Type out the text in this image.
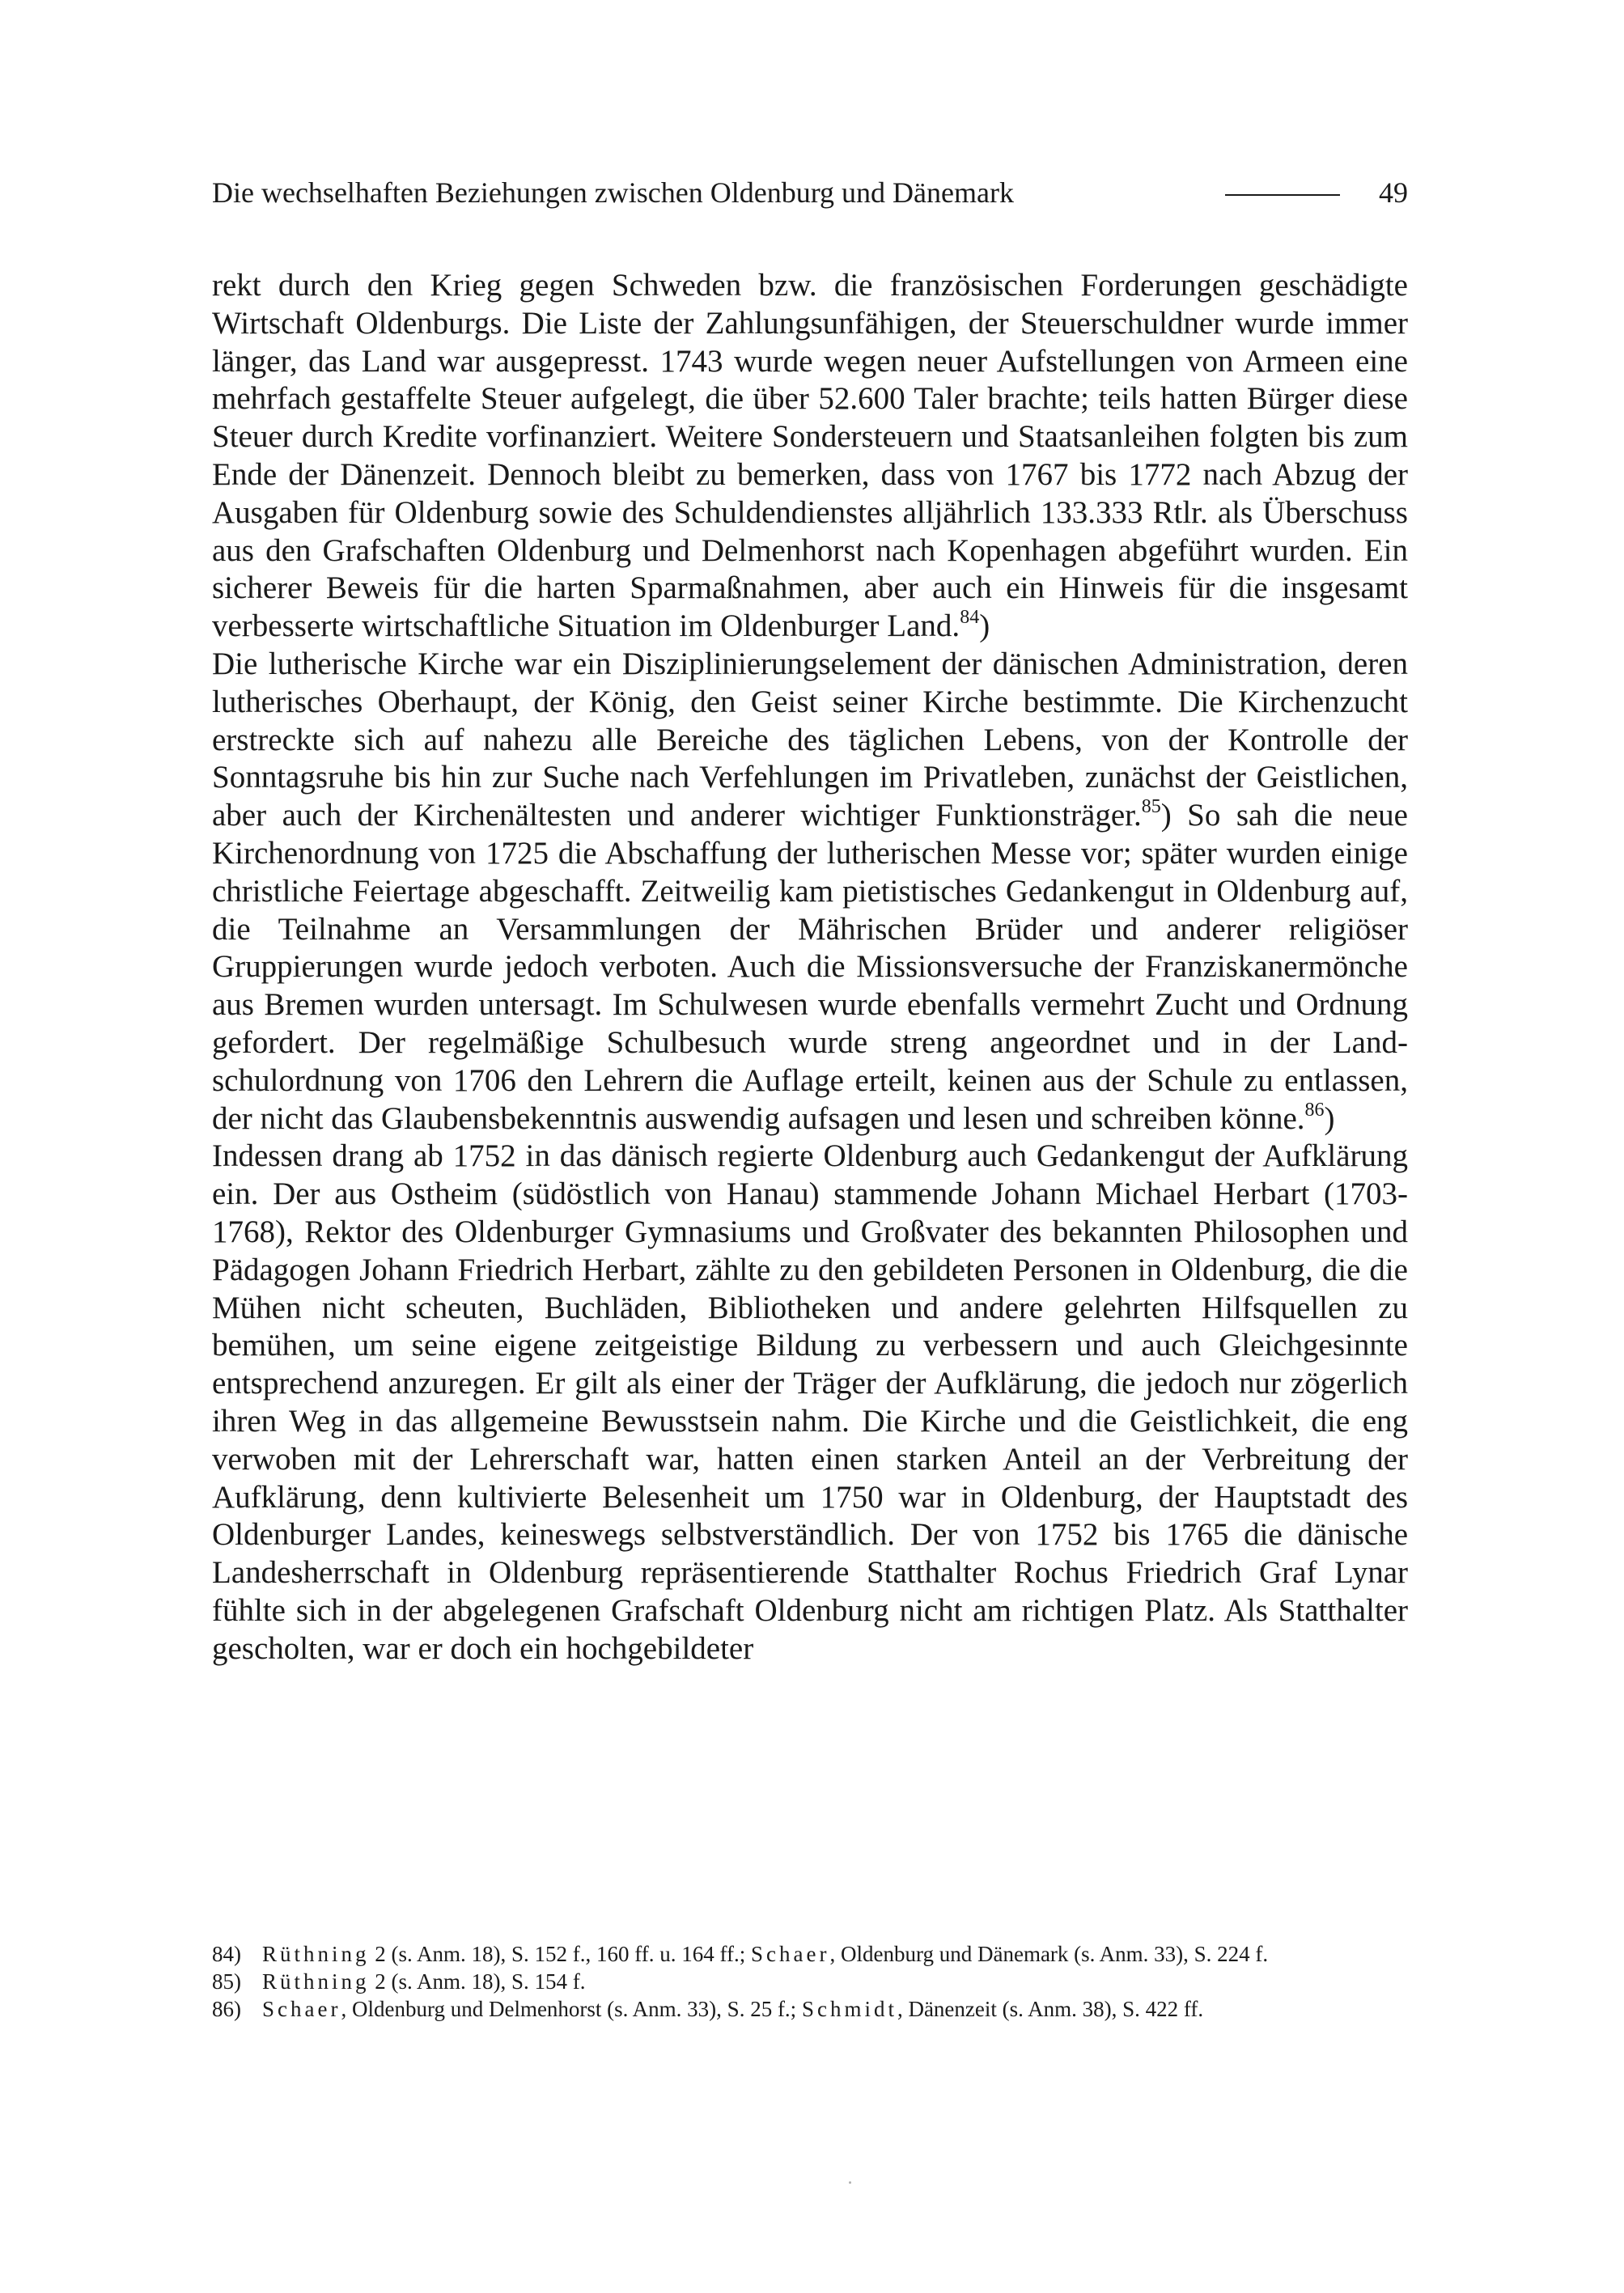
Die wechselhaften Beziehungen zwischen Oldenburg und Dänemark	49

rekt durch den Krieg gegen Schweden bzw. die französischen Forderungen geschädigte Wirtschaft Oldenburgs. Die Liste der Zahlungsunfähigen, der Steuerschuldner wurde immer länger, das Land war ausgepresst. 1743 wurde wegen neuer Aufstellungen von Armeen eine mehrfach gestaffelte Steuer aufgelegt, die über 52.600 Taler brachte; teils hatten Bürger diese Steuer durch Kredite vorfinanziert. Weitere Sondersteuern und Staatsanleihen folgten bis zum Ende der Dänenzeit. Dennoch bleibt zu bemerken, dass von 1767 bis 1772 nach Abzug der Ausgaben für Oldenburg sowie des Schuldendienstes alljährlich 133.333 Rtlr. als Überschuss aus den Grafschaften Oldenburg und Delmenhorst nach Kopenhagen abgeführt wurden. Ein sicherer Beweis für die harten Sparmaßnahmen, aber auch ein Hinweis für die insgesamt verbesserte wirtschaftliche Situation im Oldenburger Land.$^{84}$)

Die lutherische Kirche war ein Disziplinierungselement der dänischen Administration, deren lutherisches Oberhaupt, der König, den Geist seiner Kirche bestimmte. Die Kirchenzucht erstreckte sich auf nahezu alle Bereiche des täglichen Lebens, von der Kontrolle der Sonntagsruhe bis hin zur Suche nach Verfehlungen im Privatleben, zunächst der Geistlichen, aber auch der Kirchenältesten und anderer wichtiger Funktionsträger.$^{85}$) So sah die neue Kirchenordnung von 1725 die Abschaffung der lutherischen Messe vor; später wurden einige christliche Feiertage abgeschafft. Zeitweilig kam pietistisches Gedankengut in Oldenburg auf, die Teilnahme an Versammlungen der Mährischen Brüder und anderer religiöser Gruppierungen wurde jedoch verboten. Auch die Missionsversuche der Franziskanermönche aus Bremen wurden untersagt. Im Schulwesen wurde ebenfalls vermehrt Zucht und Ordnung gefordert. Der regelmäßige Schulbesuch wurde streng angeordnet und in der Landschulordnung von 1706 den Lehrern die Auflage erteilt, keinen aus der Schule zu entlassen, der nicht das Glaubensbekenntnis auswendig aufsagen und lesen und schreiben könne.$^{86}$)

Indessen drang ab 1752 in das dänisch regierte Oldenburg auch Gedankengut der Aufklärung ein. Der aus Ostheim (südöstlich von Hanau) stammende Johann Michael Herbart (1703-1768), Rektor des Oldenburger Gymnasiums und Großvater des bekannten Philosophen und Pädagogen Johann Friedrich Herbart, zählte zu den gebildeten Personen in Oldenburg, die die Mühen nicht scheuten, Buchläden, Bibliotheken und andere gelehrten Hilfsquellen zu bemühen, um seine eigene zeitgeistige Bildung zu verbessern und auch Gleichgesinnte entsprechend anzuregen. Er gilt als einer der Träger der Aufklärung, die jedoch nur zögerlich ihren Weg in das allgemeine Bewusstsein nahm. Die Kirche und die Geistlichkeit, die eng verwoben mit der Lehrerschaft war, hatten einen starken Anteil an der Verbreitung der Aufklärung, denn kultivierte Belesenheit um 1750 war in Oldenburg, der Hauptstadt des Oldenburger Landes, keineswegs selbstverständlich. Der von 1752 bis 1765 die dänische Landesherrschaft in Oldenburg repräsentierende Statthalter Rochus Friedrich Graf Lynar fühlte sich in der abgelegenen Grafschaft Oldenburg nicht am richtigen Platz. Als Statthalter gescholten, war er doch ein hochgebildeter

84) Rüthning 2 (s. Anm. 18), S. 152 f., 160 ff. u. 164 ff.; Schaer, Oldenburg und Dänemark (s. Anm. 33), S. 224 f.
85) Rüthning 2 (s. Anm. 18), S. 154 f.
86) Schaer, Oldenburg und Delmenhorst (s. Anm. 33), S. 25 f.; Schmidt, Dänenzeit (s. Anm. 38), S. 422 ff.
